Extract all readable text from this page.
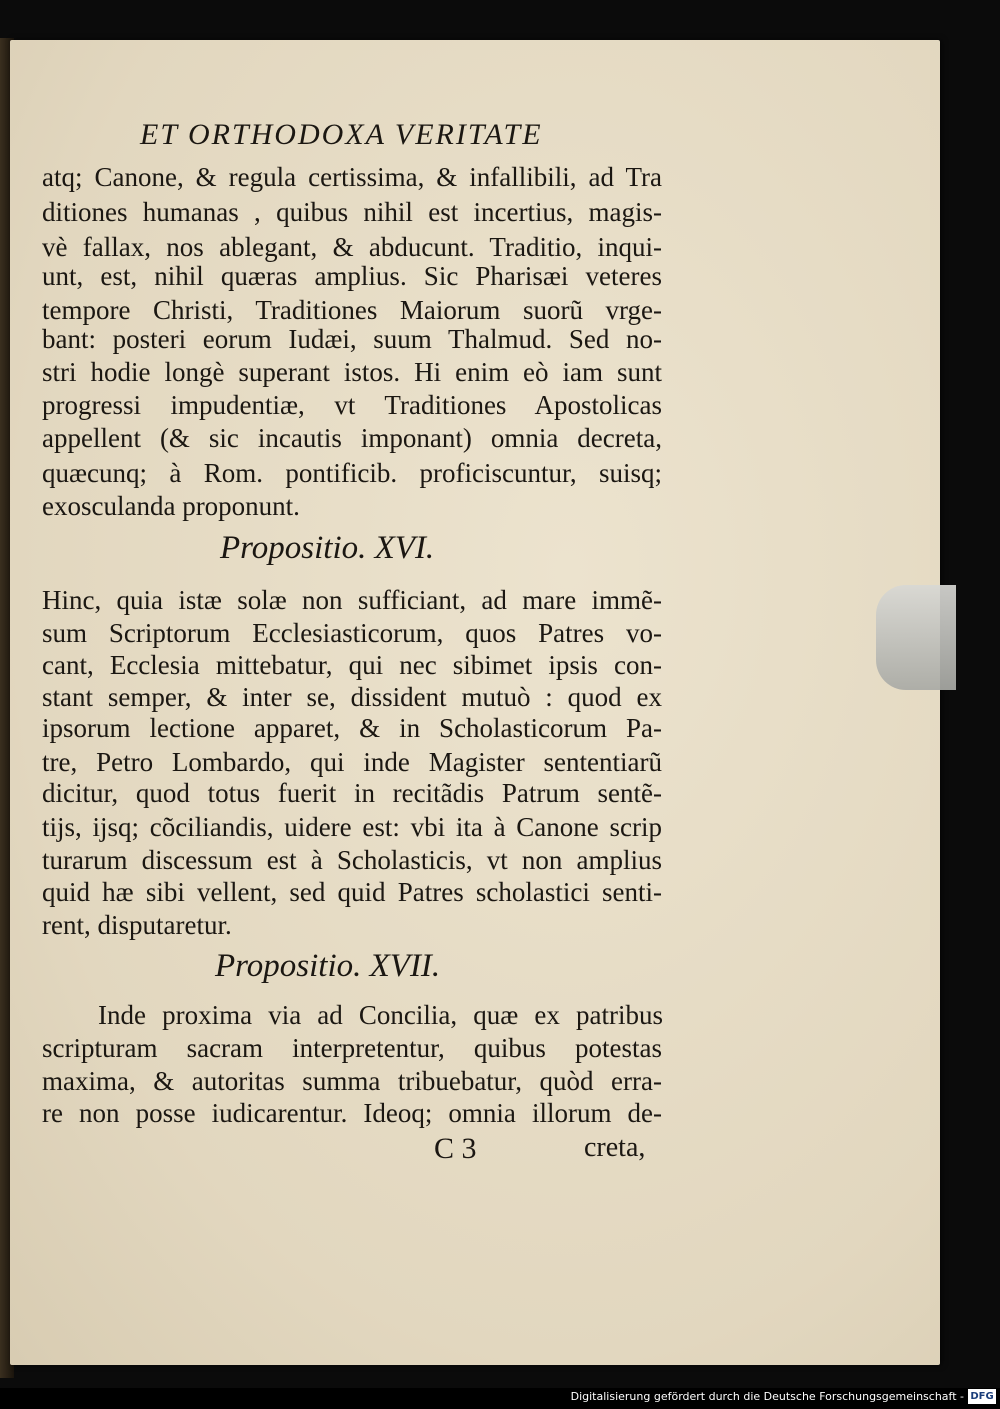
ET ORTHODOXA VERITATE
atq; Canone, & regula certissima, & infallibili, ad Tra
ditiones humanas , quibus nihil est incertius, magis-
vè fallax, nos ablegant, & abducunt. Traditio, inqui-
unt, est, nihil quæras amplius. Sic Pharisæi veteres
tempore Christi, Traditiones Maiorum suorũ vrge-
bant: posteri eorum Iudæi, suum Thalmud. Sed no-
stri hodie longè superant istos. Hi enim eò iam sunt
progressi impudentiæ, vt Traditiones Apostolicas
appellent (& sic incautis imponant) omnia decreta,
quæcunq; à Rom. pontificib. proficiscuntur, suisq;
exosculanda proponunt.
Propositio. XVI.
Hinc, quia istæ solæ non sufficiant, ad mare immẽ-
sum Scriptorum Ecclesiasticorum, quos Patres vo-
cant, Ecclesia mittebatur, qui nec sibimet ipsis con-
stant semper, & inter se, dissident mutuò : quod ex
ipsorum lectione apparet, & in Scholasticorum Pa-
tre, Petro Lombardo, qui inde Magister sententiarũ
dicitur, quod totus fuerit in recitãdis Patrum sentẽ-
tijs, ijsq; cõciliandis, uidere est: vbi ita à Canone scrip
turarum discessum est à Scholasticis, vt non amplius
quid hæ sibi vellent, sed quid Patres scholastici senti-
rent, disputaretur.
Propositio. XVII.
Inde proxima via ad Concilia, quæ ex patribus
scripturam sacram interpretentur, quibus potestas
maxima, & autoritas summa tribuebatur, quòd erra-
re non posse iudicarentur. Ideoq; omnia illorum de-
C 3	creta,
Digitalisierung gefördert durch die Deutsche Forschungsgemeinschaft - DFG
